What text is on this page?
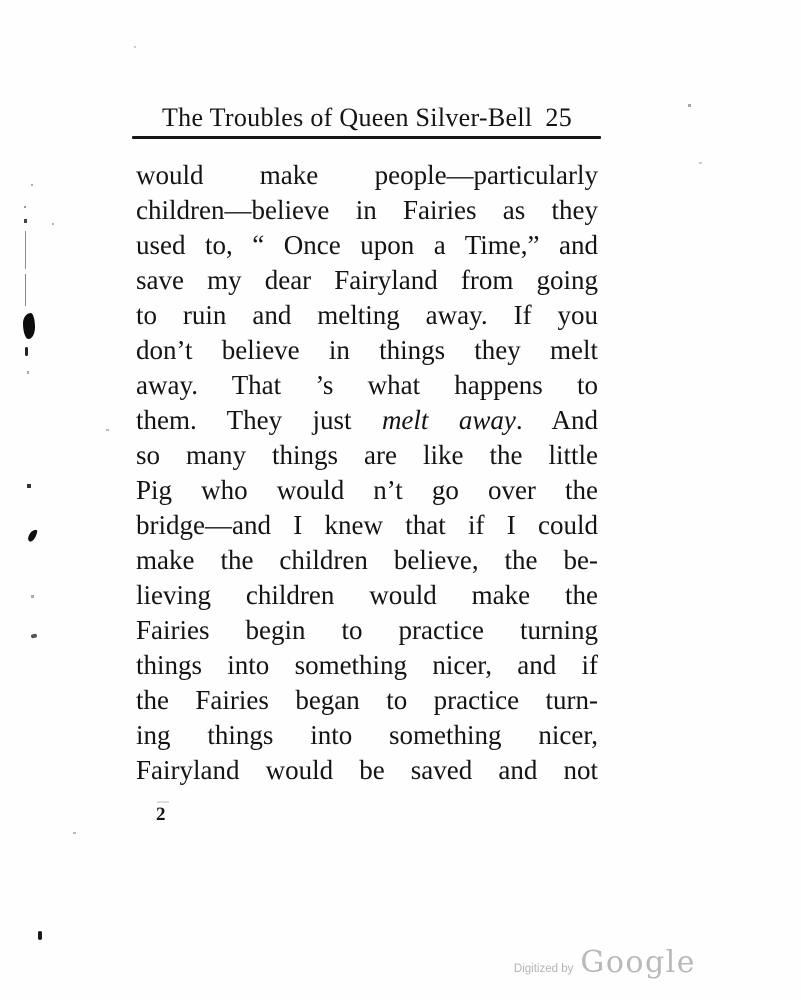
The Troubles of Queen Silver-Bell 25
would make people—particularly
children—believe in Fairies as they
used to, “ Once upon a Time,” and
save my dear Fairyland from going
to ruin and melting away. If you
don’t believe in things they melt
away. That ’s what happens to
them. They just melt away. And
so many things are like the little
Pig who would n’t go over the
bridge—and I knew that if I could
make the children believe, the be-
lieving children would make the
Fairies begin to practice turning
things into something nicer, and if
the Fairies began to practice turn-
ing things into something nicer,
Fairyland would be saved and not
2
Digitized by Google
